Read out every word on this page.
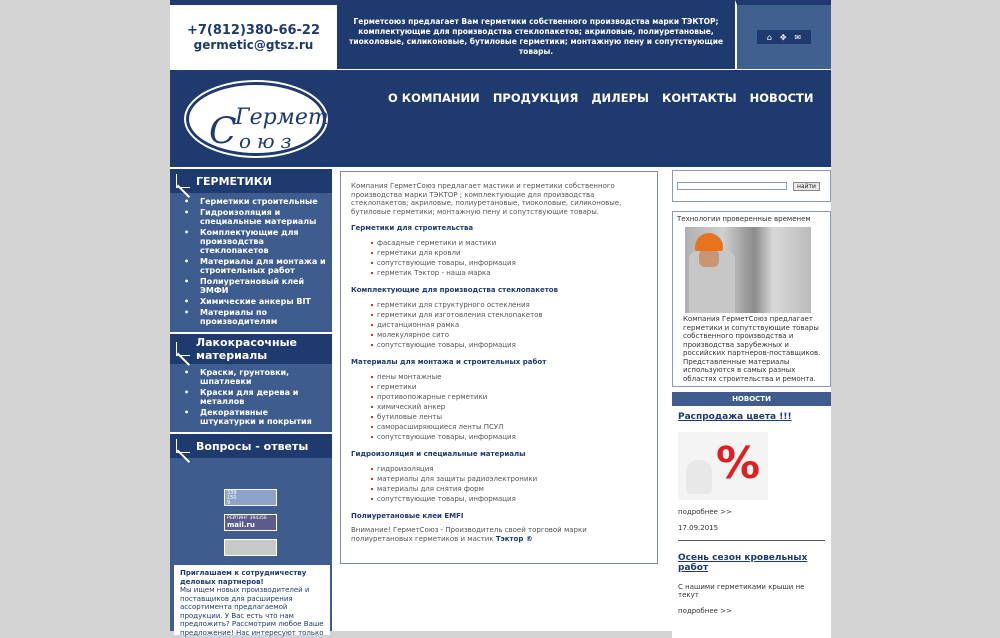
+7(812)380-66-22
germetic@gtsz.ru
Герметсоюз предлагает Вам герметики собственного производства марки ТЭКТОР; комплектующие для производства стеклопакетов; акриловые, полиуретановые, тиоколовые, силиконовые, бутиловые герметики; монтажную пену и сопутствующие товары.
⌂ ✥ ✉
С
Гермет
оюз
О КОМПАНИИ ПРОДУКЦИЯ ДИЛЕРЫ КОНТАКТЫ НОВОСТИ
ГЕРМЕТИКИ
• Герметики строительные
• Гидроизоляция и специальные материалы
• Комплектующие для производства стеклопакетов
• Материалы для монтажа и строительных работ
• Полиуретановый клей ЭМФИ
• Химические анкеры BIT
• Материалы по производителям
Лакокрасочные материалы
• Краски, грунтовки, шпатлевки
• Краски для дерева и металлов
• Декоративные штукатурки и покрытия
Вопросы - ответы
339
150
9
РЕЙТИНГ 394356
mail.ru
Приглашаем к сотрудничеству деловых партнеров!
Мы ищем новых производителей и поставщиков для расширения ассортимента предлагаемой продукции. У Вас есть что нам предложить? Рассмотрим любое Ваше предложение! Нас интересуют только

Компания ГерметСоюз предлагает мастики и герметики собственного производства марки ТЭКТОР ; комплектующие для производства стеклопакетов; акриловые, полиуретановые, тиоколовые, силиконовые, бутиловые герметики; монтажную пену и сопутствующие товары.

Герметики для строительства
фасадные герметики и мастики
герметики для кровли
сопутствующие товары, информация
герметик Тэктор - наша марка
Комплектующие для производства стеклопакетов
герметики для структурного остекления
герметики для изготовления стеклопакетов
дистанционная рамка
молекулярное сито
сопутствующие товары, информация
Материалы для монтажа и строительных работ
пены монтажные
герметики
противопожарные герметики
химический анкер
бутиловые ленты
саморасширяющиеся ленты ПСУЛ
сопутствующие товары, информация
Гидроизоляция и специальные материалы
гидроизоляция
материалы для защиты радиоэлектроники
материалы для снятия форм
сопутствующие товары, информация
Полиуретановые клеи EMFI

Внимание! ГерметСоюз - Производитель своей торговой марки полиуретановых герметиков и мастик Тэктор ®

найти
Технологии проверенные временем
Компания ГерметСоюз предлагает герметики и сопутствующие товары собственного производства и производства зарубежных и российских партнеров-поставщиков. Представленные материалы используются в самых разных областях строительства и ремонта.
НОВОСТИ
Распродажа цвета !!!
%
подробнее >>
17.09.2015
Осень сезон кровельных работ
С нашими герметиками крыши не текут
подробнее >>
